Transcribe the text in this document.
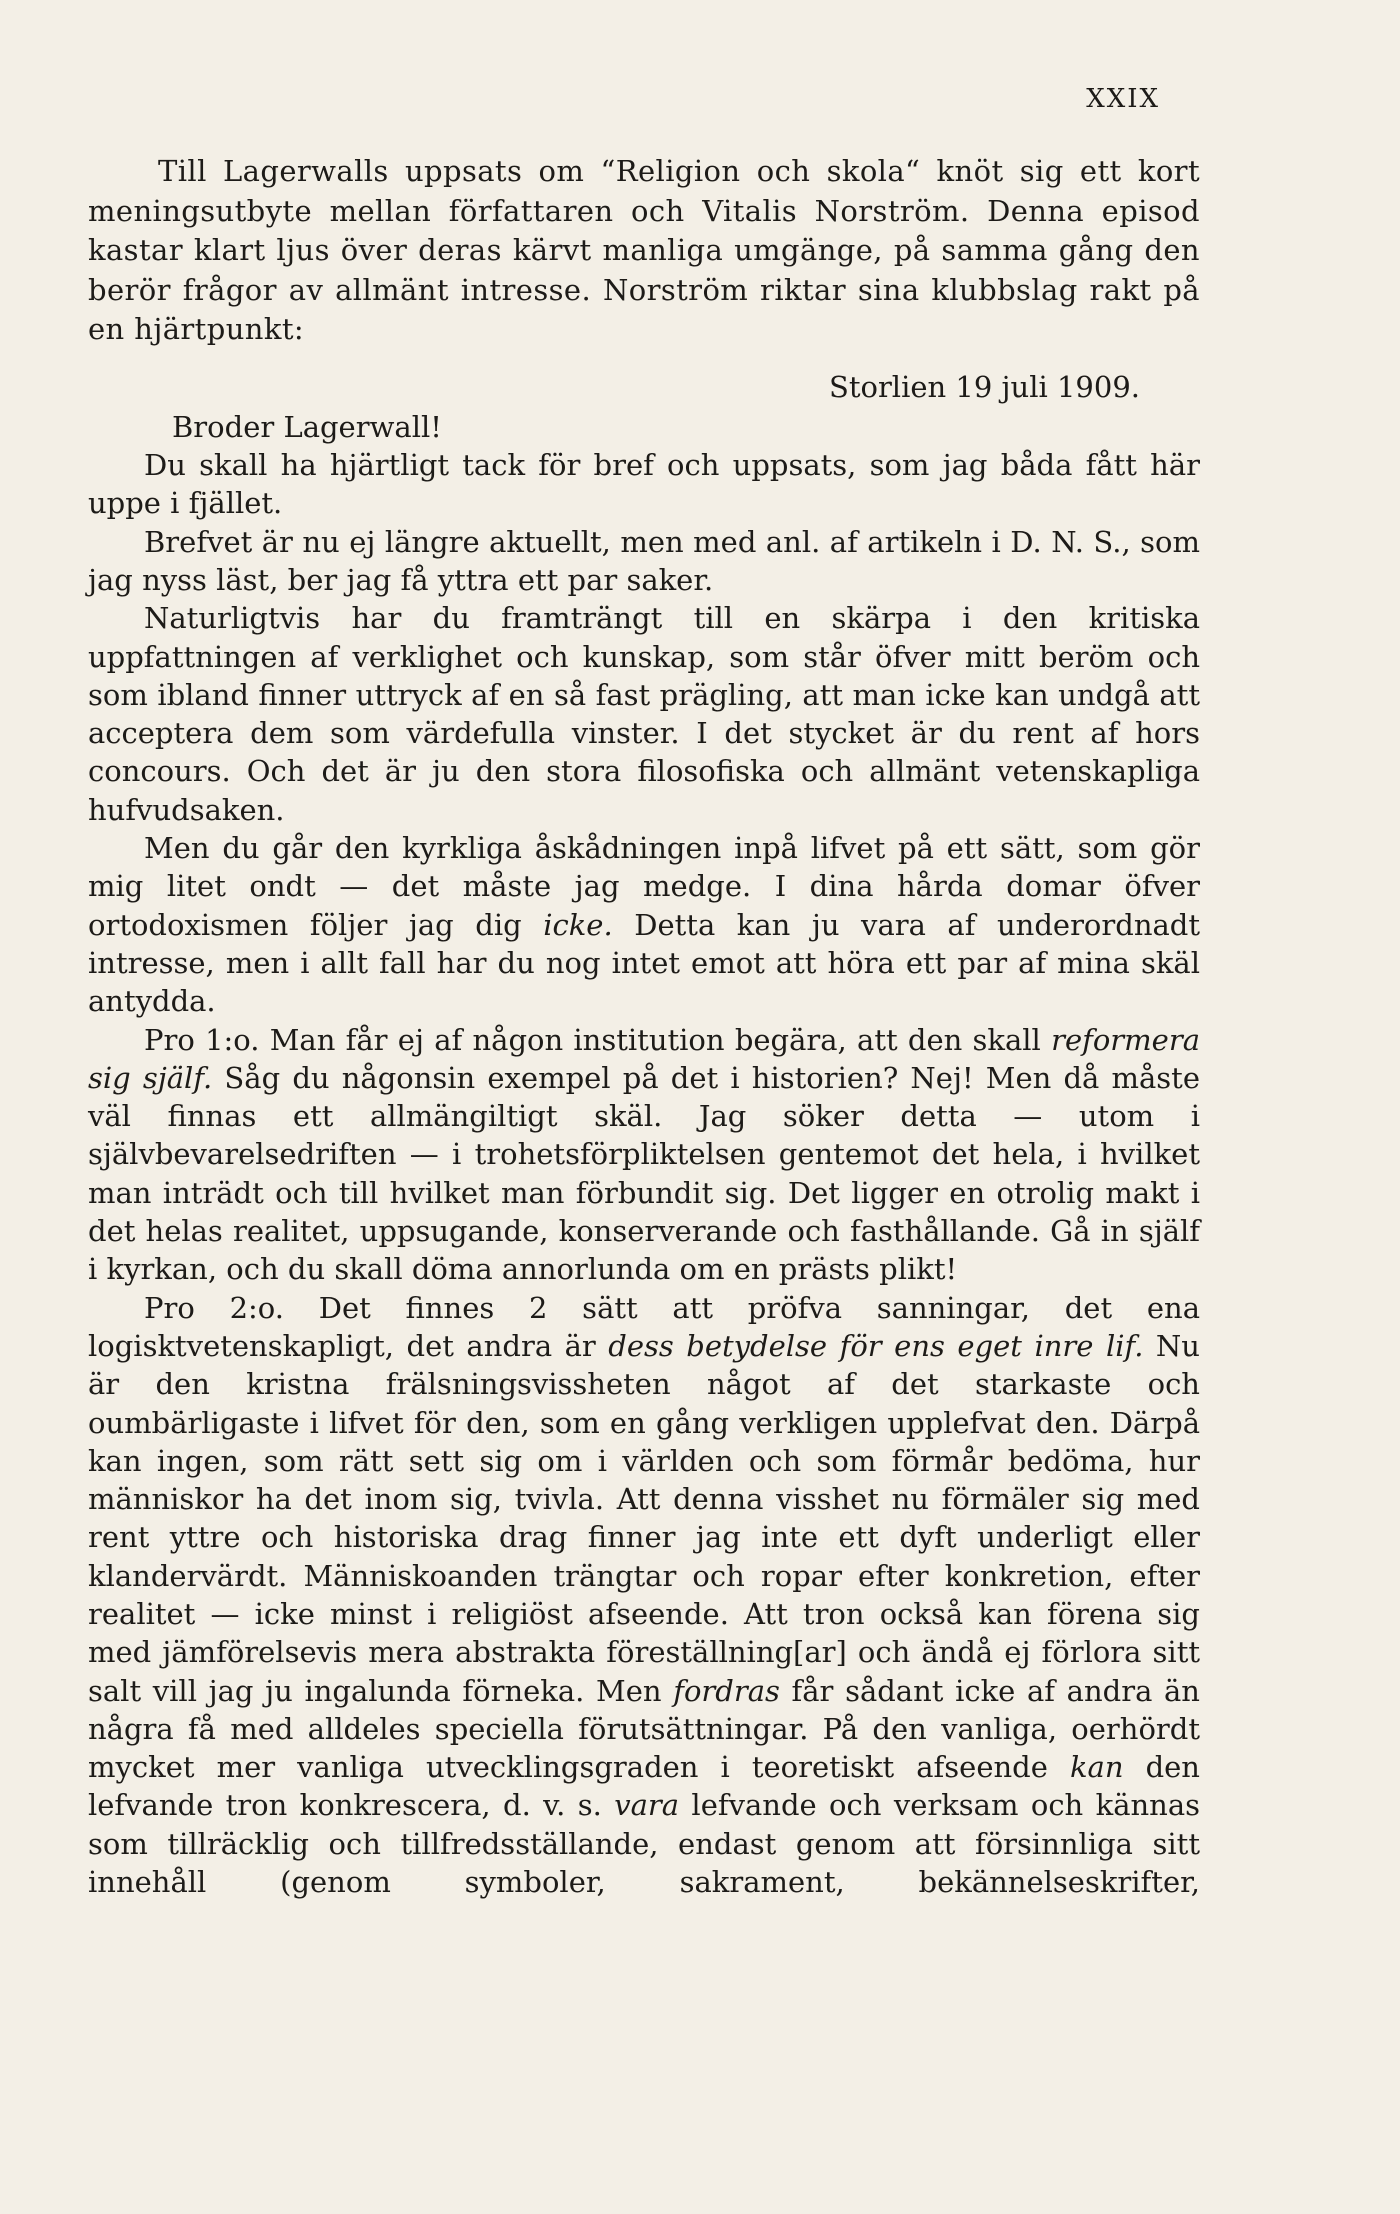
XXIX

Till Lagerwalls uppsats om “Religion och skola“ knöt sig ett kort meningsutbyte mellan författaren och Vitalis Norström. Denna episod kastar klart ljus över deras kärvt manliga umgänge, på samma gång den berör frågor av allmänt intresse. Norström riktar sina klubbslag rakt på en hjärtpunkt:

Storlien 19 juli 1909.

Broder Lagerwall!

Du skall ha hjärtligt tack för bref och uppsats, som jag båda fått här uppe i fjället.

Brefvet är nu ej längre aktuellt, men med anl. af artikeln i D. N. S., som jag nyss läst, ber jag få yttra ett par saker.

Naturligtvis har du framträngt till en skärpa i den kritiska uppfattningen af verklighet och kunskap, som står öfver mitt beröm och som ibland finner uttryck af en så fast prägling, att man icke kan undgå att acceptera dem som värdefulla vinster. I det stycket är du rent af hors concours. Och det är ju den stora filosofiska och allmänt vetenskapliga hufvudsaken.

Men du går den kyrkliga åskådningen inpå lifvet på ett sätt, som gör mig litet ondt — det måste jag medge. I dina hårda domar öfver ortodoxismen följer jag dig icke. Detta kan ju vara af underordnadt intresse, men i allt fall har du nog intet emot att höra ett par af mina skäl antydda.

Pro 1:o. Man får ej af någon institution begära, att den skall reformera sig själf. Såg du någonsin exempel på det i historien? Nej! Men då måste väl finnas ett allmängiltigt skäl. Jag söker detta — utom i självbevarelsedriften — i trohetsförpliktelsen gentemot det hela, i hvilket man inträdt och till hvilket man förbundit sig. Det ligger en otrolig makt i det helas realitet, uppsugande, konserverande och fasthållande. Gå in själf i kyrkan, och du skall döma annorlunda om en prästs plikt!

Pro 2:o. Det finnes 2 sätt att pröfva sanningar, det ena logisktvetenskapligt, det andra är dess betydelse för ens eget inre lif. Nu är den kristna frälsningsvissheten något af det starkaste och oumbärligaste i lifvet för den, som en gång verkligen upplefvat den. Därpå kan ingen, som rätt sett sig om i världen och som förmår bedöma, hur människor ha det inom sig, tvivla. Att denna visshet nu förmäler sig med rent yttre och historiska drag finner jag inte ett dyft underligt eller klandervärdt. Människoanden trängtar och ropar efter konkretion, efter realitet — icke minst i religiöst afseende. Att tron också kan förena sig med jämförelsevis mera abstrakta föreställning[ar] och ändå ej förlora sitt salt vill jag ju ingalunda förneka. Men fordras får sådant icke af andra än några få med alldeles speciella förutsättningar. På den vanliga, oerhördt mycket mer vanliga utvecklingsgraden i teoretiskt afseende kan den lefvande tron konkrescera, d. v. s. vara lefvande och verksam och kännas som tillräcklig och tillfredsställande, endast genom att försinnliga sitt innehåll (genom symboler, sakrament, bekännelseskrifter,
